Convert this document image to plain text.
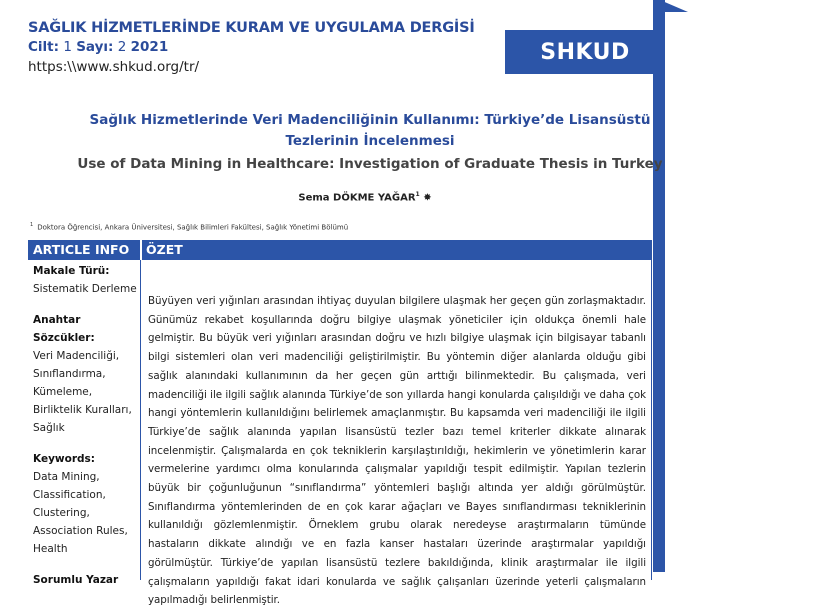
SAĞLIK HİZMETLERİNDE KURAM VE UYGULAMA DERGİSİ
Cilt: 1 Sayı: 2 2021
https:\\www.shkud.org/tr/
SHKUD
Sağlık Hizmetlerinde Veri Madenciliğinin Kullanımı: Türkiye’de Lisansüstü Tezlerinin İncelenmesi
Use of Data Mining in Healthcare: Investigation of Graduate Thesis in Turkey
Sema DÖKME YAĞAR$^1$ ✸
$^1$ Doktora Öğrencisi, Ankara Üniversitesi, Sağlık Bilimleri Fakültesi, Sağlık Yönetimi Bölümü
ARTICLE INFO ÖZET
Makale Türü:
Sistematik Derleme
Anahtar Sözcükler:
Veri Madenciliği,
Sınıflandırma,
Kümeleme,
Birliktelik Kuralları,
Sağlık
Keywords:
Data Mining,
Classification,
Clustering,
Association Rules,
Health
Sorumlu Yazar
Büyüyen veri yığınları arasından ihtiyaç duyulan bilgilere ulaşmak her geçen gün zorlaşmaktadır. Günümüz rekabet koşullarında doğru bilgiye ulaşmak yöneticiler için oldukça önemli hale gelmiştir. Bu büyük veri yığınları arasından doğru ve hızlı bilgiye ulaşmak için bilgisayar tabanlı bilgi sistemleri olan veri madenciliği geliştirilmiştir. Bu yöntemin diğer alanlarda olduğu gibi sağlık alanındaki kullanımının da her geçen gün arttığı bilinmektedir. Bu çalışmada, veri madenciliği ile ilgili sağlık alanında Türkiye’de son yıllarda hangi konularda çalışıldığı ve daha çok hangi yöntemlerin kullanıldığını belirlemek amaçlanmıştır. Bu kapsamda veri madenciliği ile ilgili Türkiye’de sağlık alanında yapılan lisansüstü tezler bazı temel kriterler dikkate alınarak incelenmiştir. Çalışmalarda en çok tekniklerin karşılaştırıldığı, hekimlerin ve yönetimlerin karar vermelerine yardımcı olma konularında çalışmalar yapıldığı tespit edilmiştir. Yapılan tezlerin büyük bir çoğunluğunun “sınıflandırma” yöntemleri başlığı altında yer aldığı görülmüştür. Sınıflandırma yöntemlerinden de en çok karar ağaçları ve Bayes sınıflandırması tekniklerinin kullanıldığı gözlemlenmiştir. Örneklem grubu olarak neredeyse araştırmaların tümünde hastaların dikkate alındığı ve en fazla kanser hastaları üzerinde araştırmalar yapıldığı görülmüştür. Türkiye’de yapılan lisansüstü tezlere bakıldığında, klinik araştırmalar ile ilgili çalışmaların yapıldığı fakat idari konularda ve sağlık çalışanları üzerinde yeterli çalışmaların yapılmadığı belirlenmiştir.
